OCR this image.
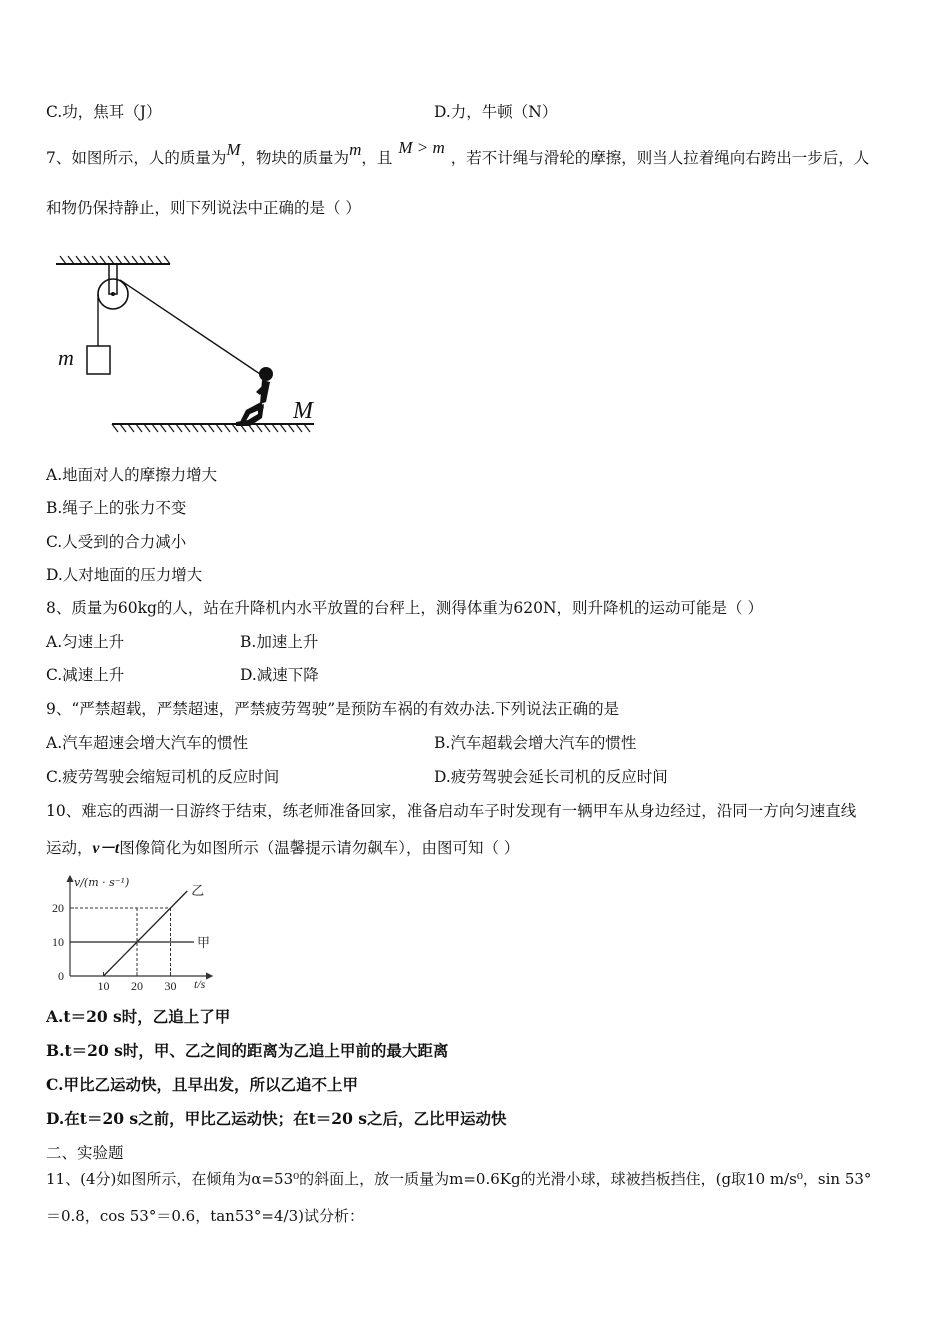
C.功，焦耳（J）	D.力，牛顿（N）
7、如图所示，人的质量为M，物块的质量为m，且M > m，若不计绳与滑轮的摩擦，则当人拉着绳向右跨出一步后，人
和物仍保持静止，则下列说法中正确的是（ ）
m
M
A.地面对人的摩擦力增大
B.绳子上的张力不变
C.人受到的合力减小
D.人对地面的压力增大
8、质量为60kg的人，站在升降机内水平放置的台秤上，测得体重为620N，则升降机的运动可能是（ ）
A.匀速上升	B.加速上升
C.减速上升	D.减速下降
9、“严禁超载，严禁超速，严禁疲劳驾驶”是预防车祸的有效办法.下列说法正确的是
A.汽车超速会增大汽车的惯性	B.汽车超载会增大汽车的惯性
C.疲劳驾驶会缩短司机的反应时间	D.疲劳驾驶会延长司机的反应时间
10、难忘的西湖一日游终于结束，练老师准备回家，准备启动车子时发现有一辆甲车从身边经过，沿同一方向匀速直线
运动，v－t图像简化为如图所示（温馨提示请勿飙车），由图可知（ ）
v/(m · s⁻¹)
t/s
0
10
20
10 20 30
甲
乙
A.t＝20 s时，乙追上了甲
B.t＝20 s时，甲、乙之间的距离为乙追上甲前的最大距离
C.甲比乙运动快，且早出发，所以乙追不上甲
D.在t＝20 s之前，甲比乙运动快；在t＝20 s之后，乙比甲运动快
二、实验题
11、(4分)如图所示，在倾角为α=53⁰的斜面上，放一质量为m=0.6Kg的光滑小球，球被挡板挡住，(g取10 m/s⁰，sin 53°
＝0.8，cos 53°＝0.6，tan53°=4/3)试分析：
